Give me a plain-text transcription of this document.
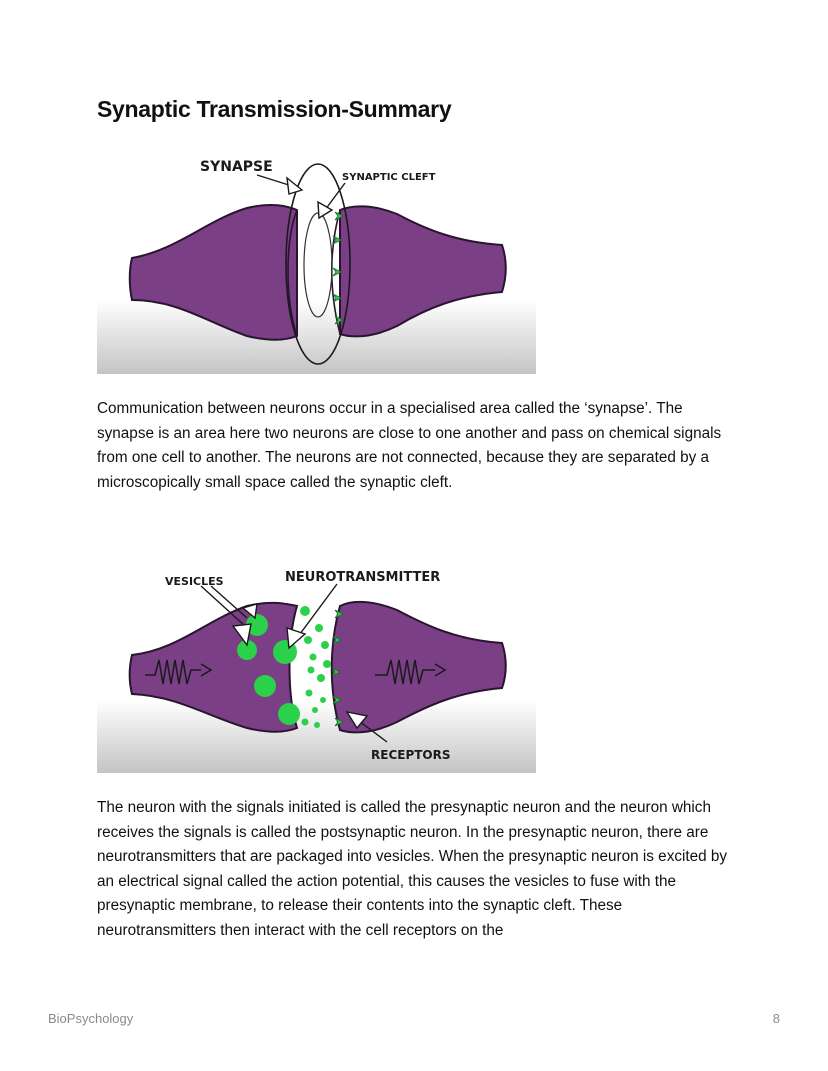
Synaptic Transmission-Summary
SYNAPSE
SYNAPTIC CLEFT

Communication between neurons occur in a specialised area called the ‘synapse’. The synapse is an area here two neurons are close to one another and pass on chemical signals from one cell to another. The neurons are not connected, because they are separated by a microscopically small space called the synaptic cleft.

VESICLES	NEUROTRANSMITTER
RECEPTORS

The neuron with the signals initiated is called the presynaptic neuron and the neuron which receives the signals is called the postsynaptic neuron. In the presynaptic neuron, there are neurotransmitters that are packaged into vesicles. When the presynaptic neuron is excited by an electrical signal called the action potential, this causes the vesicles to fuse with the presynaptic membrane, to release their contents into the synaptic cleft. These neurotransmitters then interact with the cell receptors on the

BioPsychology	8
